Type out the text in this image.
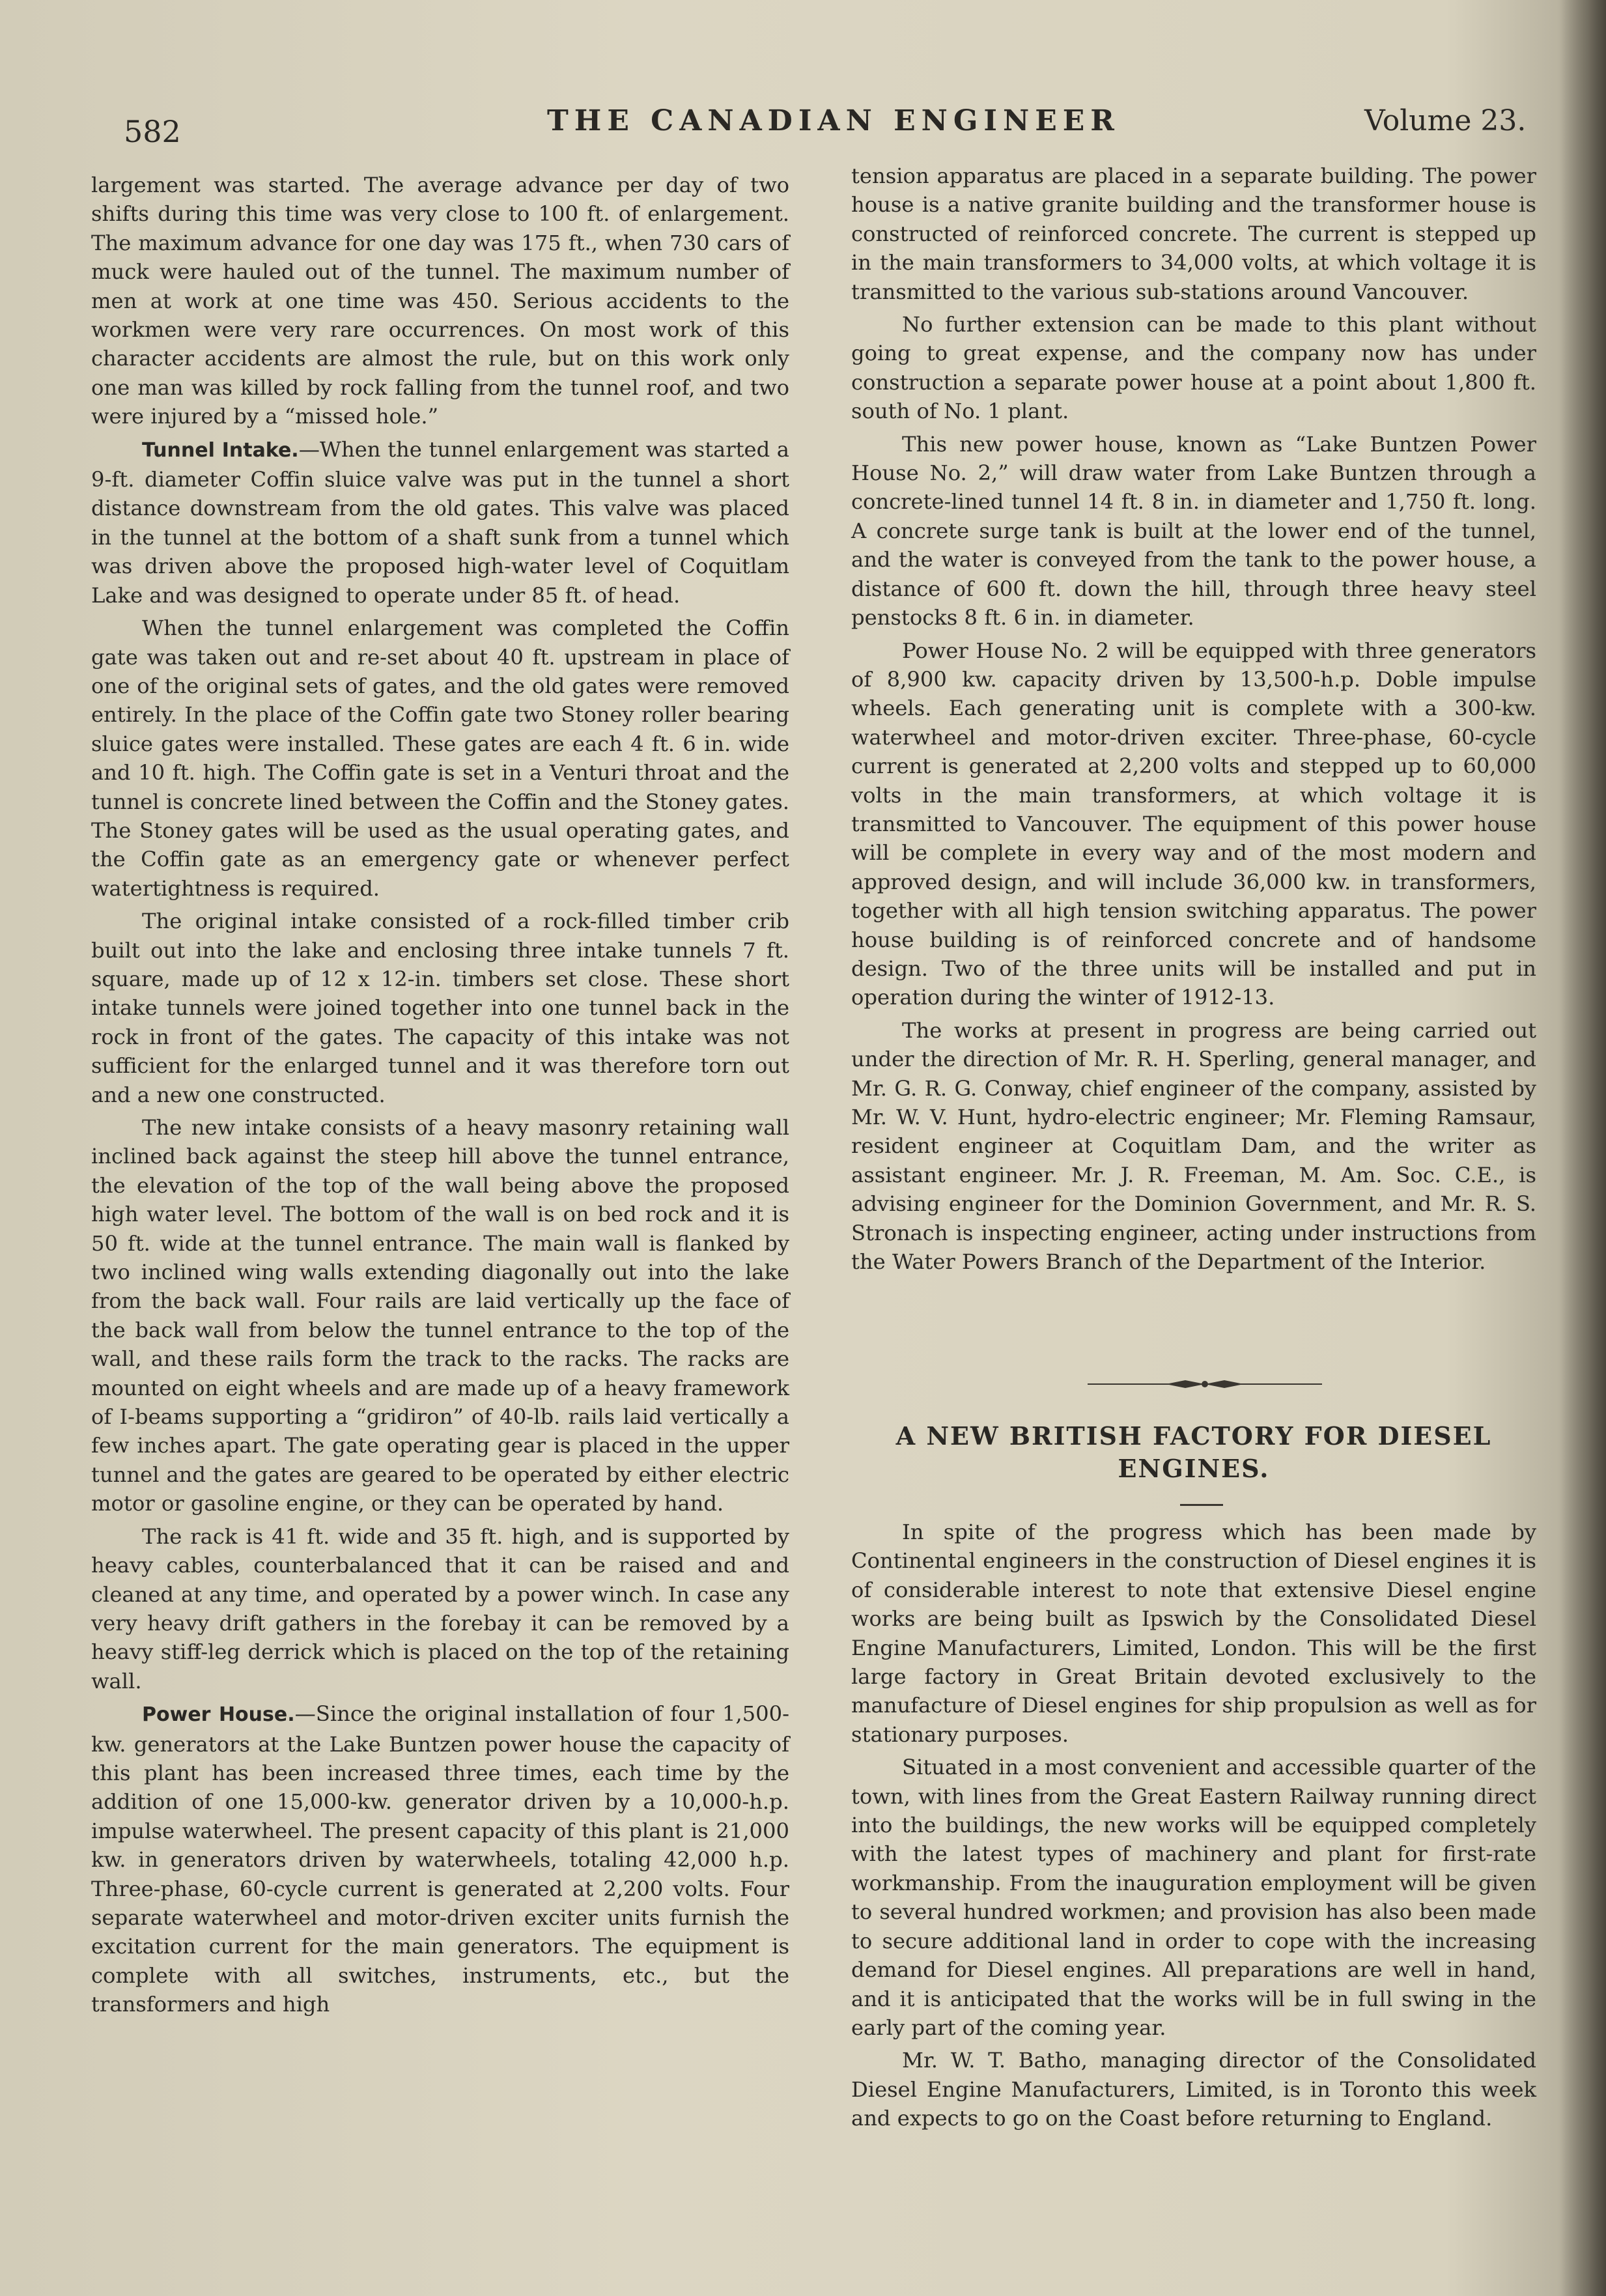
582	THE CANADIAN ENGINEER	Volume 23.

largement was started. The average advance per day of two shifts during this time was very close to 100 ft. of enlargement. The maximum advance for one day was 175 ft., when 730 cars of muck were hauled out of the tunnel. The maximum number of men at work at one time was 450. Serious accidents to the workmen were very rare occurrences. On most work of this character accidents are almost the rule, but on this work only one man was killed by rock falling from the tunnel roof, and two were injured by a “missed hole.”

Tunnel Intake.—When the tunnel enlargement was started a 9-ft. diameter Coffin sluice valve was put in the tunnel a short distance downstream from the old gates. This valve was placed in the tunnel at the bottom of a shaft sunk from a tunnel which was driven above the proposed high-water level of Coquitlam Lake and was designed to operate under 85 ft. of head.

When the tunnel enlargement was completed the Coffin gate was taken out and re-set about 40 ft. upstream in place of one of the original sets of gates, and the old gates were removed entirely. In the place of the Coffin gate two Stoney roller bearing sluice gates were installed. These gates are each 4 ft. 6 in. wide and 10 ft. high. The Coffin gate is set in a Venturi throat and the tunnel is concrete lined between the Coffin and the Stoney gates. The Stoney gates will be used as the usual operating gates, and the Coffin gate as an emergency gate or whenever perfect watertightness is required.

The original intake consisted of a rock-filled timber crib built out into the lake and enclosing three intake tunnels 7 ft. square, made up of 12 x 12-in. timbers set close. These short intake tunnels were joined together into one tunnel back in the rock in front of the gates. The capacity of this intake was not sufficient for the enlarged tunnel and it was therefore torn out and a new one constructed.

The new intake consists of a heavy masonry retaining wall inclined back against the steep hill above the tunnel entrance, the elevation of the top of the wall being above the proposed high water level. The bottom of the wall is on bed rock and it is 50 ft. wide at the tunnel entrance. The main wall is flanked by two inclined wing walls extending diagonally out into the lake from the back wall. Four rails are laid vertically up the face of the back wall from below the tunnel entrance to the top of the wall, and these rails form the track to the racks. The racks are mounted on eight wheels and are made up of a heavy framework of I-beams supporting a “gridiron” of 40-lb. rails laid vertically a few inches apart. The gate operating gear is placed in the upper tunnel and the gates are geared to be operated by either electric motor or gasoline engine, or they can be operated by hand.

The rack is 41 ft. wide and 35 ft. high, and is supported by heavy cables, counterbalanced that it can be raised and and cleaned at any time, and operated by a power winch. In case any very heavy drift gathers in the forebay it can be removed by a heavy stiff-leg derrick which is placed on the top of the retaining wall.

Power House.—Since the original installation of four 1,500-kw. generators at the Lake Buntzen power house the capacity of this plant has been increased three times, each time by the addition of one 15,000-kw. generator driven by a 10,000-h.p. impulse waterwheel. The present capacity of this plant is 21,000 kw. in generators driven by waterwheels, totaling 42,000 h.p. Three-phase, 60-cycle current is generated at 2,200 volts. Four separate waterwheel and motor-driven exciter units furnish the excitation current for the main generators. The equipment is complete with all switches, instruments, etc., but the transformers and high

tension apparatus are placed in a separate building. The power house is a native granite building and the transformer house is constructed of reinforced concrete. The current is stepped up in the main transformers to 34,000 volts, at which voltage it is transmitted to the various sub-stations around Vancouver.

No further extension can be made to this plant without going to great expense, and the company now has under construction a separate power house at a point about 1,800 ft. south of No. 1 plant.

This new power house, known as “Lake Buntzen Power House No. 2,” will draw water from Lake Buntzen through a concrete-lined tunnel 14 ft. 8 in. in diameter and 1,750 ft. long. A concrete surge tank is built at the lower end of the tunnel, and the water is conveyed from the tank to the power house, a distance of 600 ft. down the hill, through three heavy steel penstocks 8 ft. 6 in. in diameter.

Power House No. 2 will be equipped with three generators of 8,900 kw. capacity driven by 13,500-h.p. Doble impulse wheels. Each generating unit is complete with a 300-kw. waterwheel and motor-driven exciter. Three-phase, 60-cycle current is generated at 2,200 volts and stepped up to 60,000 volts in the main transformers, at which voltage it is transmitted to Vancouver. The equipment of this power house will be complete in every way and of the most modern and approved design, and will include 36,000 kw. in transformers, together with all high tension switching apparatus. The power house building is of reinforced concrete and of handsome design. Two of the three units will be installed and put in operation during the winter of 1912-13.

The works at present in progress are being carried out under the direction of Mr. R. H. Sperling, general manager, and Mr. G. R. G. Conway, chief engineer of the company, assisted by Mr. W. V. Hunt, hydro-electric engineer; Mr. Fleming Ramsaur, resident engineer at Coquitlam Dam, and the writer as assistant engineer. Mr. J. R. Freeman, M. Am. Soc. C.E., is advising engineer for the Dominion Government, and Mr. R. S. Stronach is inspecting engineer, acting under instructions from the Water Powers Branch of the Department of the Interior.

A NEW BRITISH FACTORY FOR DIESEL ENGINES.

In spite of the progress which has been made by Continental engineers in the construction of Diesel engines it is of considerable interest to note that extensive Diesel engine works are being built as Ipswich by the Consolidated Diesel Engine Manufacturers, Limited, London. This will be the first large factory in Great Britain devoted exclusively to the manufacture of Diesel engines for ship propulsion as well as for stationary purposes.

Situated in a most convenient and accessible quarter of the town, with lines from the Great Eastern Railway running direct into the buildings, the new works will be equipped completely with the latest types of machinery and plant for first-rate workmanship. From the inauguration employment will be given to several hundred workmen; and provision has also been made to secure additional land in order to cope with the increasing demand for Diesel engines. All preparations are well in hand, and it is anticipated that the works will be in full swing in the early part of the coming year.

Mr. W. T. Batho, managing director of the Consolidated Diesel Engine Manufacturers, Limited, is in Toronto this week and expects to go on the Coast before returning to England.
